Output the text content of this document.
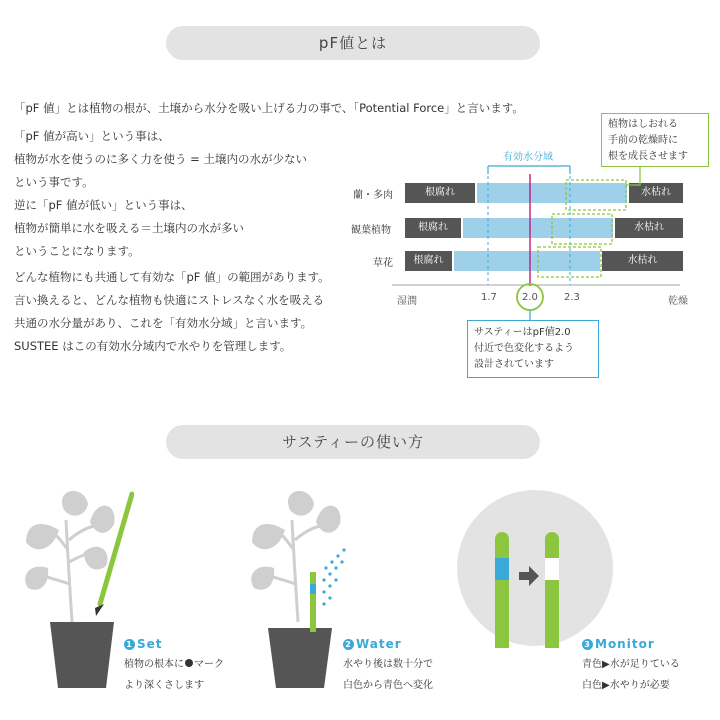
pF値とは
「pF 値」とは植物の根が、土壌から水分を吸い上げる力の事で、「Potential Force」と言います。
「pF 値が高い」という事は、
植物が水を使うのに多く力を使う = 土壌内の水が少ない
という事です。
逆に「pF 値が低い」という事は、
植物が簡単に水を吸える＝土壌内の水が多い
ということになります。
どんな植物にも共通して有効な「pF 値」の範囲があります。
言い換えると、どんな植物も快適にストレスなく水を吸える
共通の水分量があり、これを「有効水分域」と言います。
SUSTEE はこの有効水分域内で水やりを管理します。
有効水分域
蘭・多肉	根腐れ	水枯れ
観葉植物	根腐れ	水枯れ
草花	根腐れ	水枯れ
湿潤	1.7	2.0	2.3	乾燥
植物はしおれる
手前の乾燥時に
根を成長させます
サスティーはpF値2.0
付近で色変化するよう
設計されています
サスティーの使い方
1 Set
植物の根本に マーク
より深くさします
2 Water
水やり後は数十分で
白色から青色へ変化
3 Monitor
青色▶水が足りている
白色▶水やりが必要
